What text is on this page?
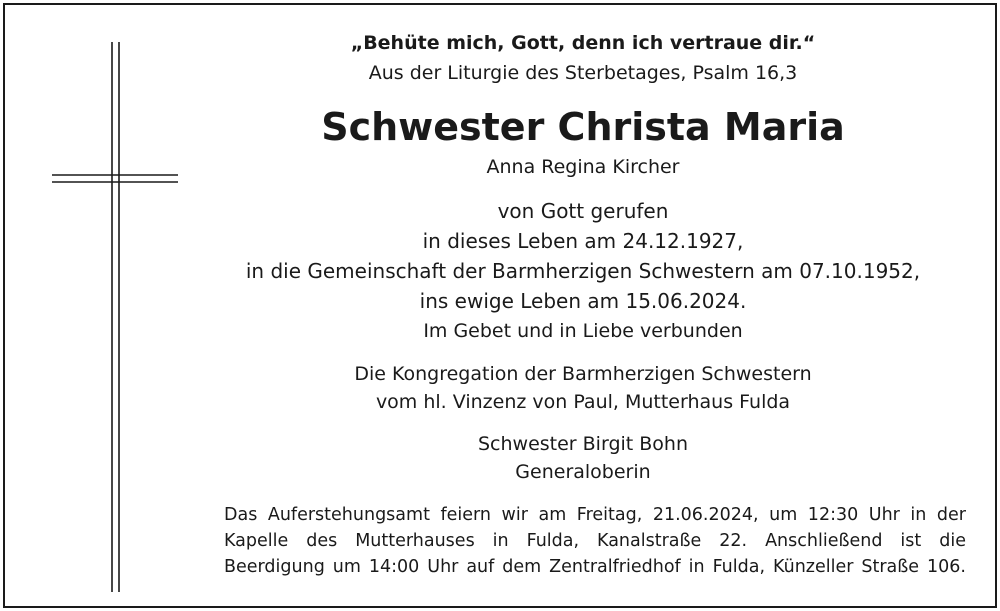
„Behüte mich, Gott, denn ich vertraue dir.“
Aus der Liturgie des Sterbetages, Psalm 16,3
Schwester Christa Maria
Anna Regina Kircher
von Gott gerufen
in dieses Leben am 24.12.1927,
in die Gemeinschaft der Barmherzigen Schwestern am 07.10.1952,
ins ewige Leben am 15.06.2024.
Im Gebet und in Liebe verbunden
Die Kongregation der Barmherzigen Schwestern
vom hl. Vinzenz von Paul, Mutterhaus Fulda
Schwester Birgit Bohn
Generaloberin
Das Auferstehungsamt feiern wir am Freitag, 21.06.2024, um 12:30 Uhr in der
Kapelle des Mutterhauses in Fulda, Kanalstraße 22. Anschließend ist die
Beerdigung um 14:00 Uhr auf dem Zentralfriedhof in Fulda, Künzeller Straße 106.
